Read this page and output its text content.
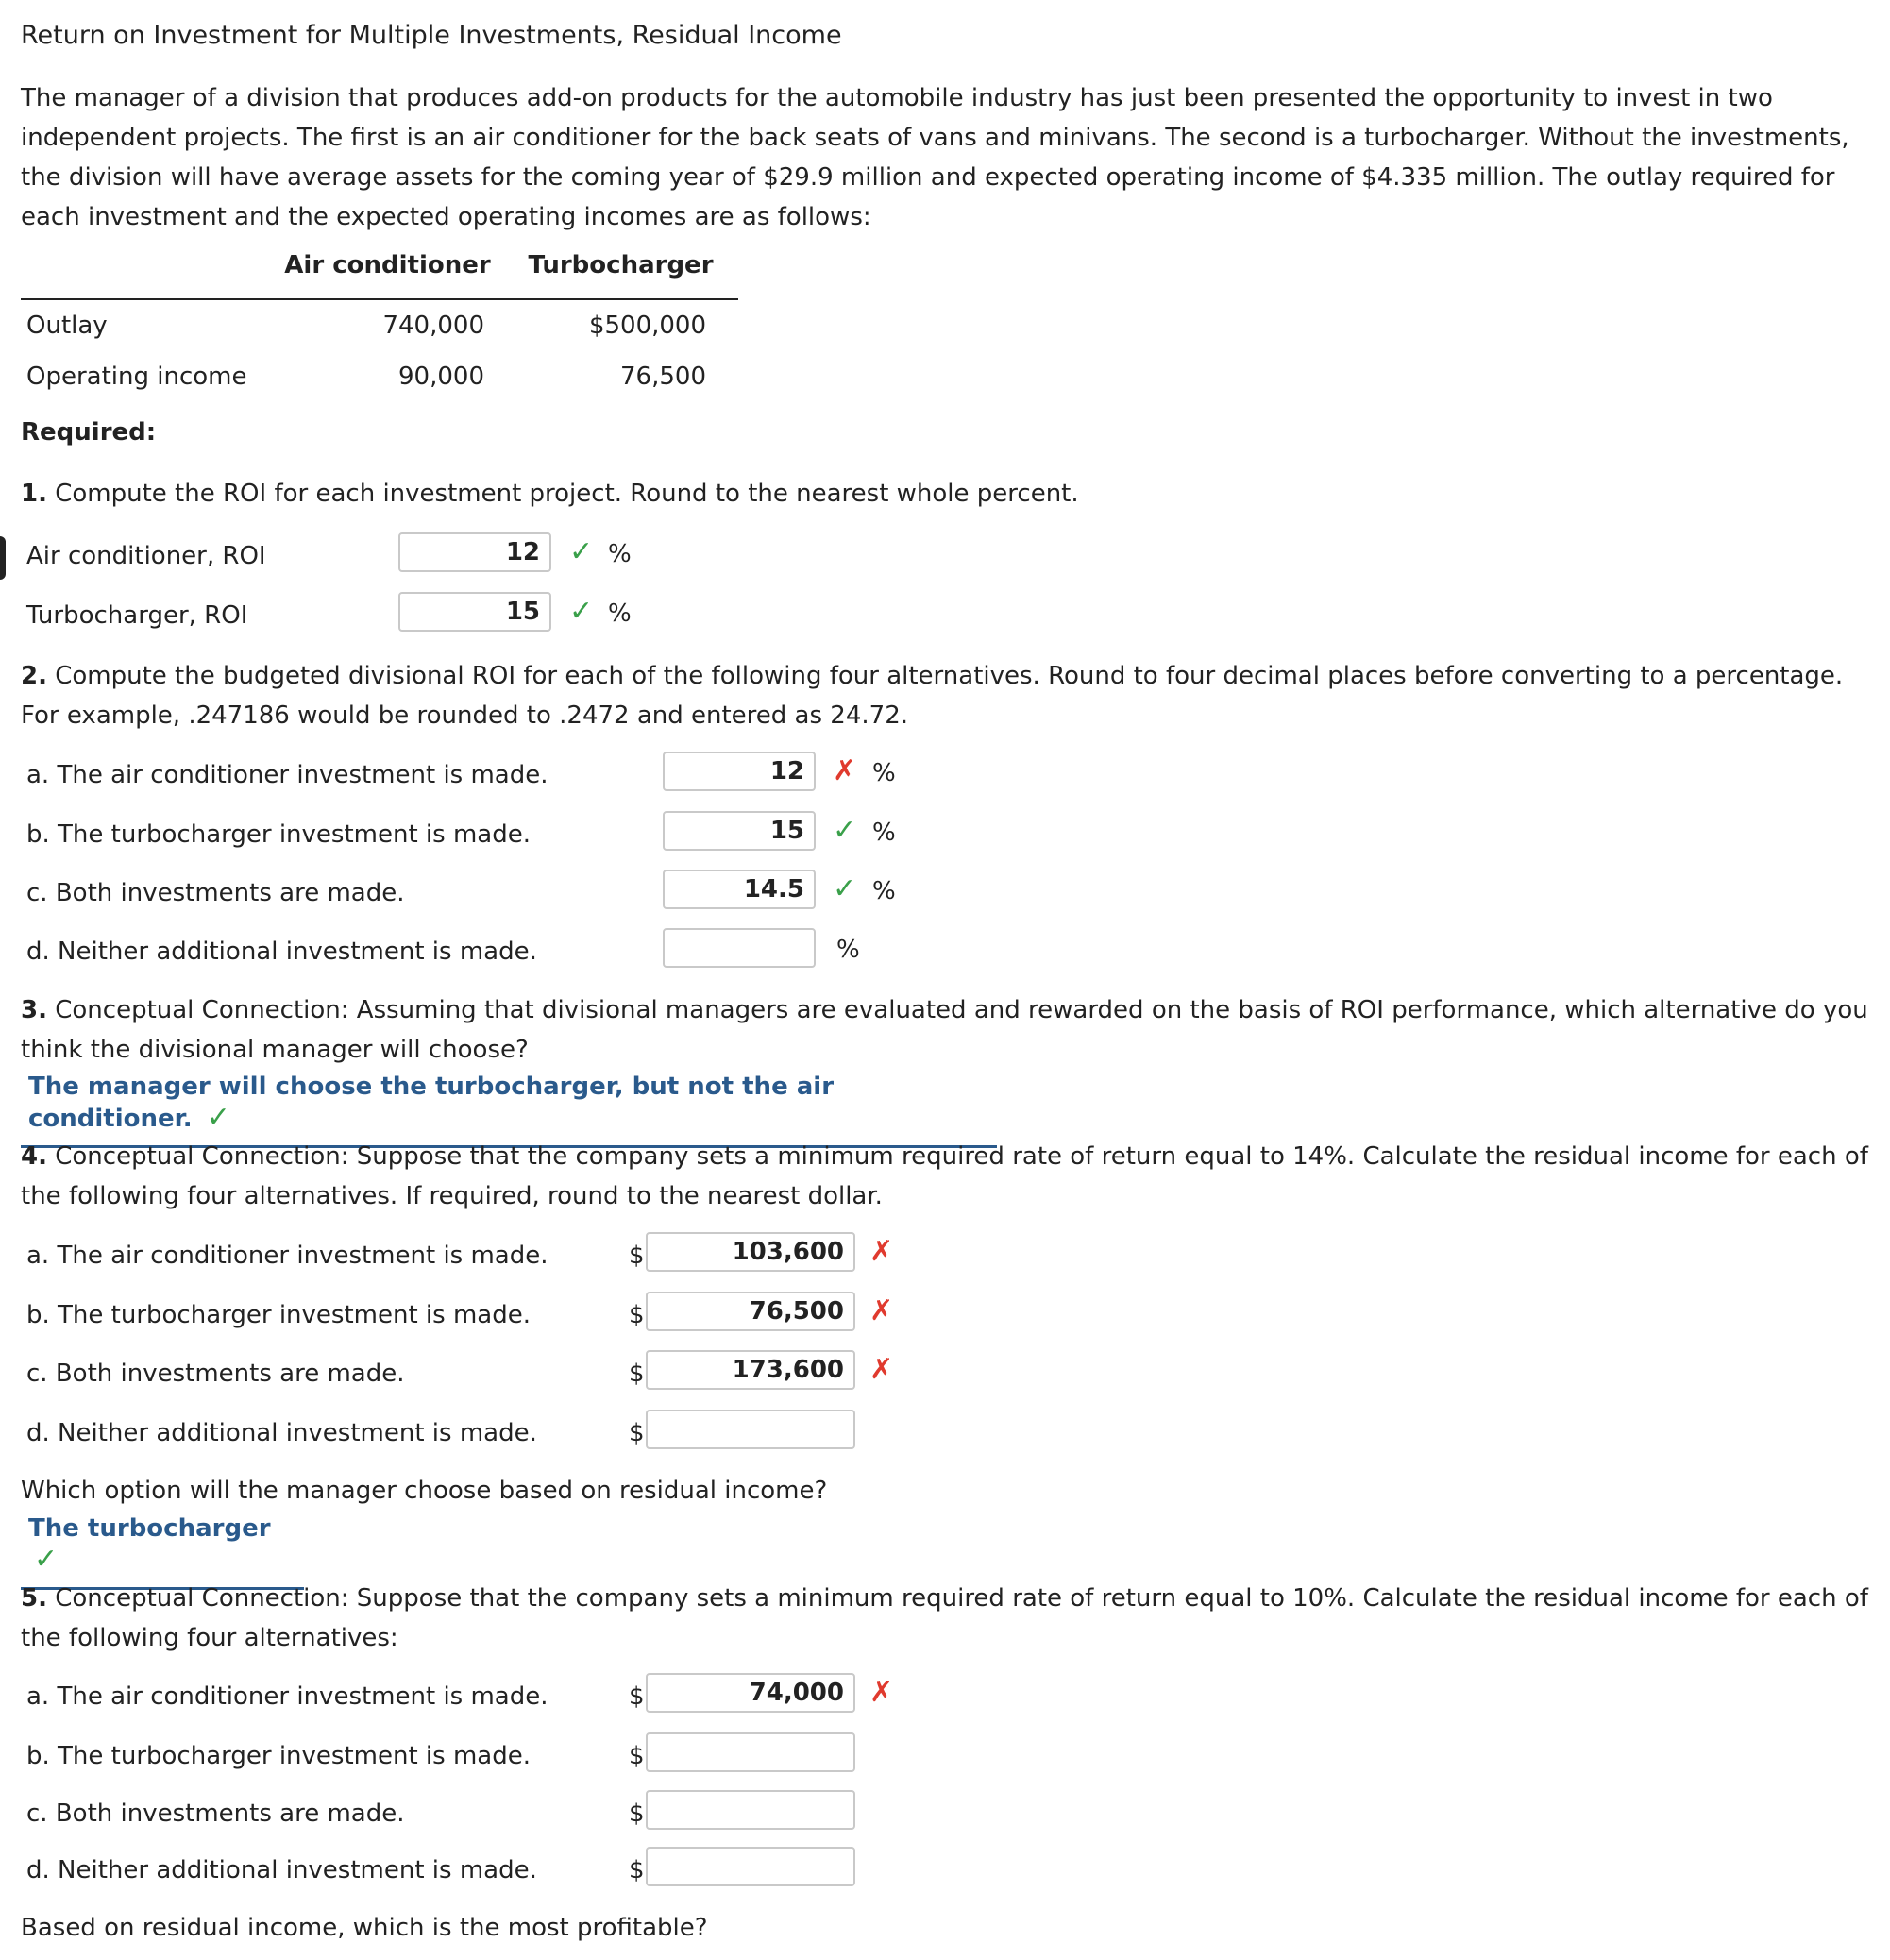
Return on Investment for Multiple Investments, Residual Income
The manager of a division that produces add-on products for the automobile industry has just been presented the opportunity to invest in two independent projects. The first is an air conditioner for the back seats of vans and minivans. The second is a turbocharger. Without the investments, the division will have average assets for the coming year of $29.9 million and expected operating income of $4.335 million. The outlay required for each investment and the expected operating incomes are as follows:
	Air conditioner	Turbocharger
Outlay	740,000	$500,000
Operating income	90,000	76,500
Required:
1. Compute the ROI for each investment project. Round to the nearest whole percent.
Air conditioner, ROI	12	✓ %
Turbocharger, ROI	15	✓ %
2. Compute the budgeted divisional ROI for each of the following four alternatives. Round to four decimal places before converting to a percentage. For example, .247186 would be rounded to .2472 and entered as 24.72.
a. The air conditioner investment is made.	12	✗ %
b. The turbocharger investment is made.	15	✓ %
c. Both investments are made.	14.5	✓ %
d. Neither additional investment is made.	%
3. Conceptual Connection: Assuming that divisional managers are evaluated and rewarded on the basis of ROI performance, which alternative do you think the divisional manager will choose?
The manager will choose the turbocharger, but not the air conditioner. ✓
4. Conceptual Connection: Suppose that the company sets a minimum required rate of return equal to 14%. Calculate the residual income for each of the following four alternatives. If required, round to the nearest dollar.
a. The air conditioner investment is made.	$	103,600 ✗
b. The turbocharger investment is made.	$	76,500 ✗
c. Both investments are made.	$	173,600 ✗
d. Neither additional investment is made.	$
Which option will the manager choose based on residual income?
The turbocharger ✓
5. Conceptual Connection: Suppose that the company sets a minimum required rate of return equal to 10%. Calculate the residual income for each of the following four alternatives:
a. The air conditioner investment is made.	$	74,000 ✗
b. The turbocharger investment is made.	$
c. Both investments are made.	$
d. Neither additional investment is made.	$
Based on residual income, which is the most profitable?
